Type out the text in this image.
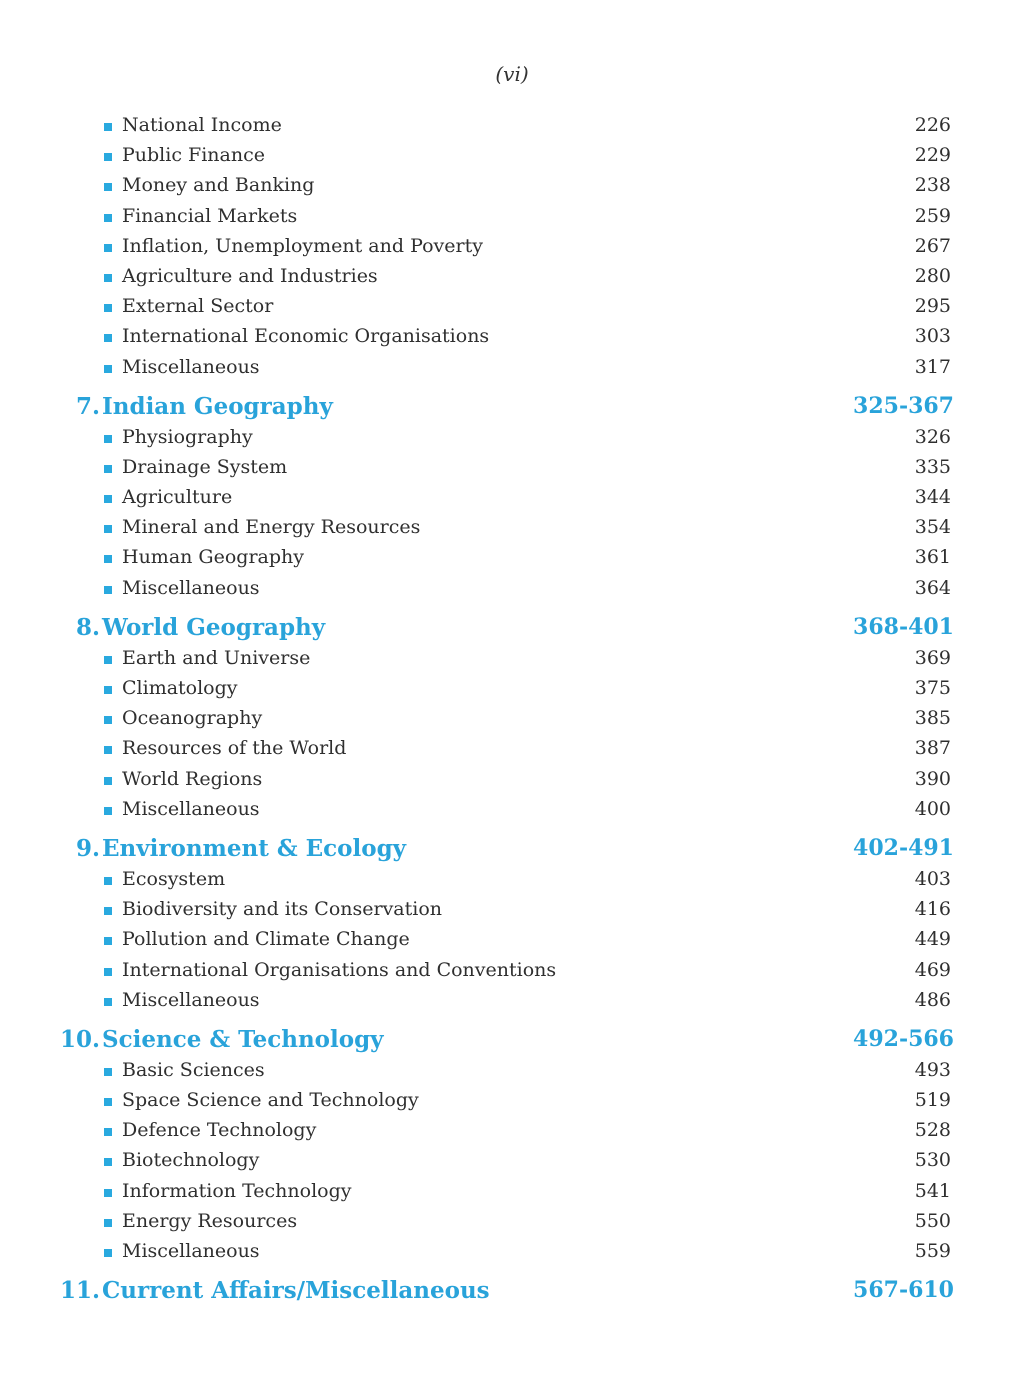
(vi)
National Income	226
Public Finance	229
Money and Banking	238
Financial Markets	259
Inflation, Unemployment and Poverty	267
Agriculture and Industries	280
External Sector	295
International Economic Organisations	303
Miscellaneous	317
7. Indian Geography	325-367
Physiography	326
Drainage System	335
Agriculture	344
Mineral and Energy Resources	354
Human Geography	361
Miscellaneous	364
8. World Geography	368-401
Earth and Universe	369
Climatology	375
Oceanography	385
Resources of the World	387
World Regions	390
Miscellaneous	400
9. Environment & Ecology	402-491
Ecosystem	403
Biodiversity and its Conservation	416
Pollution and Climate Change	449
International Organisations and Conventions	469
Miscellaneous	486
10. Science & Technology	492-566
Basic Sciences	493
Space Science and Technology	519
Defence Technology	528
Biotechnology	530
Information Technology	541
Energy Resources	550
Miscellaneous	559
11. Current Affairs/Miscellaneous	567-610
